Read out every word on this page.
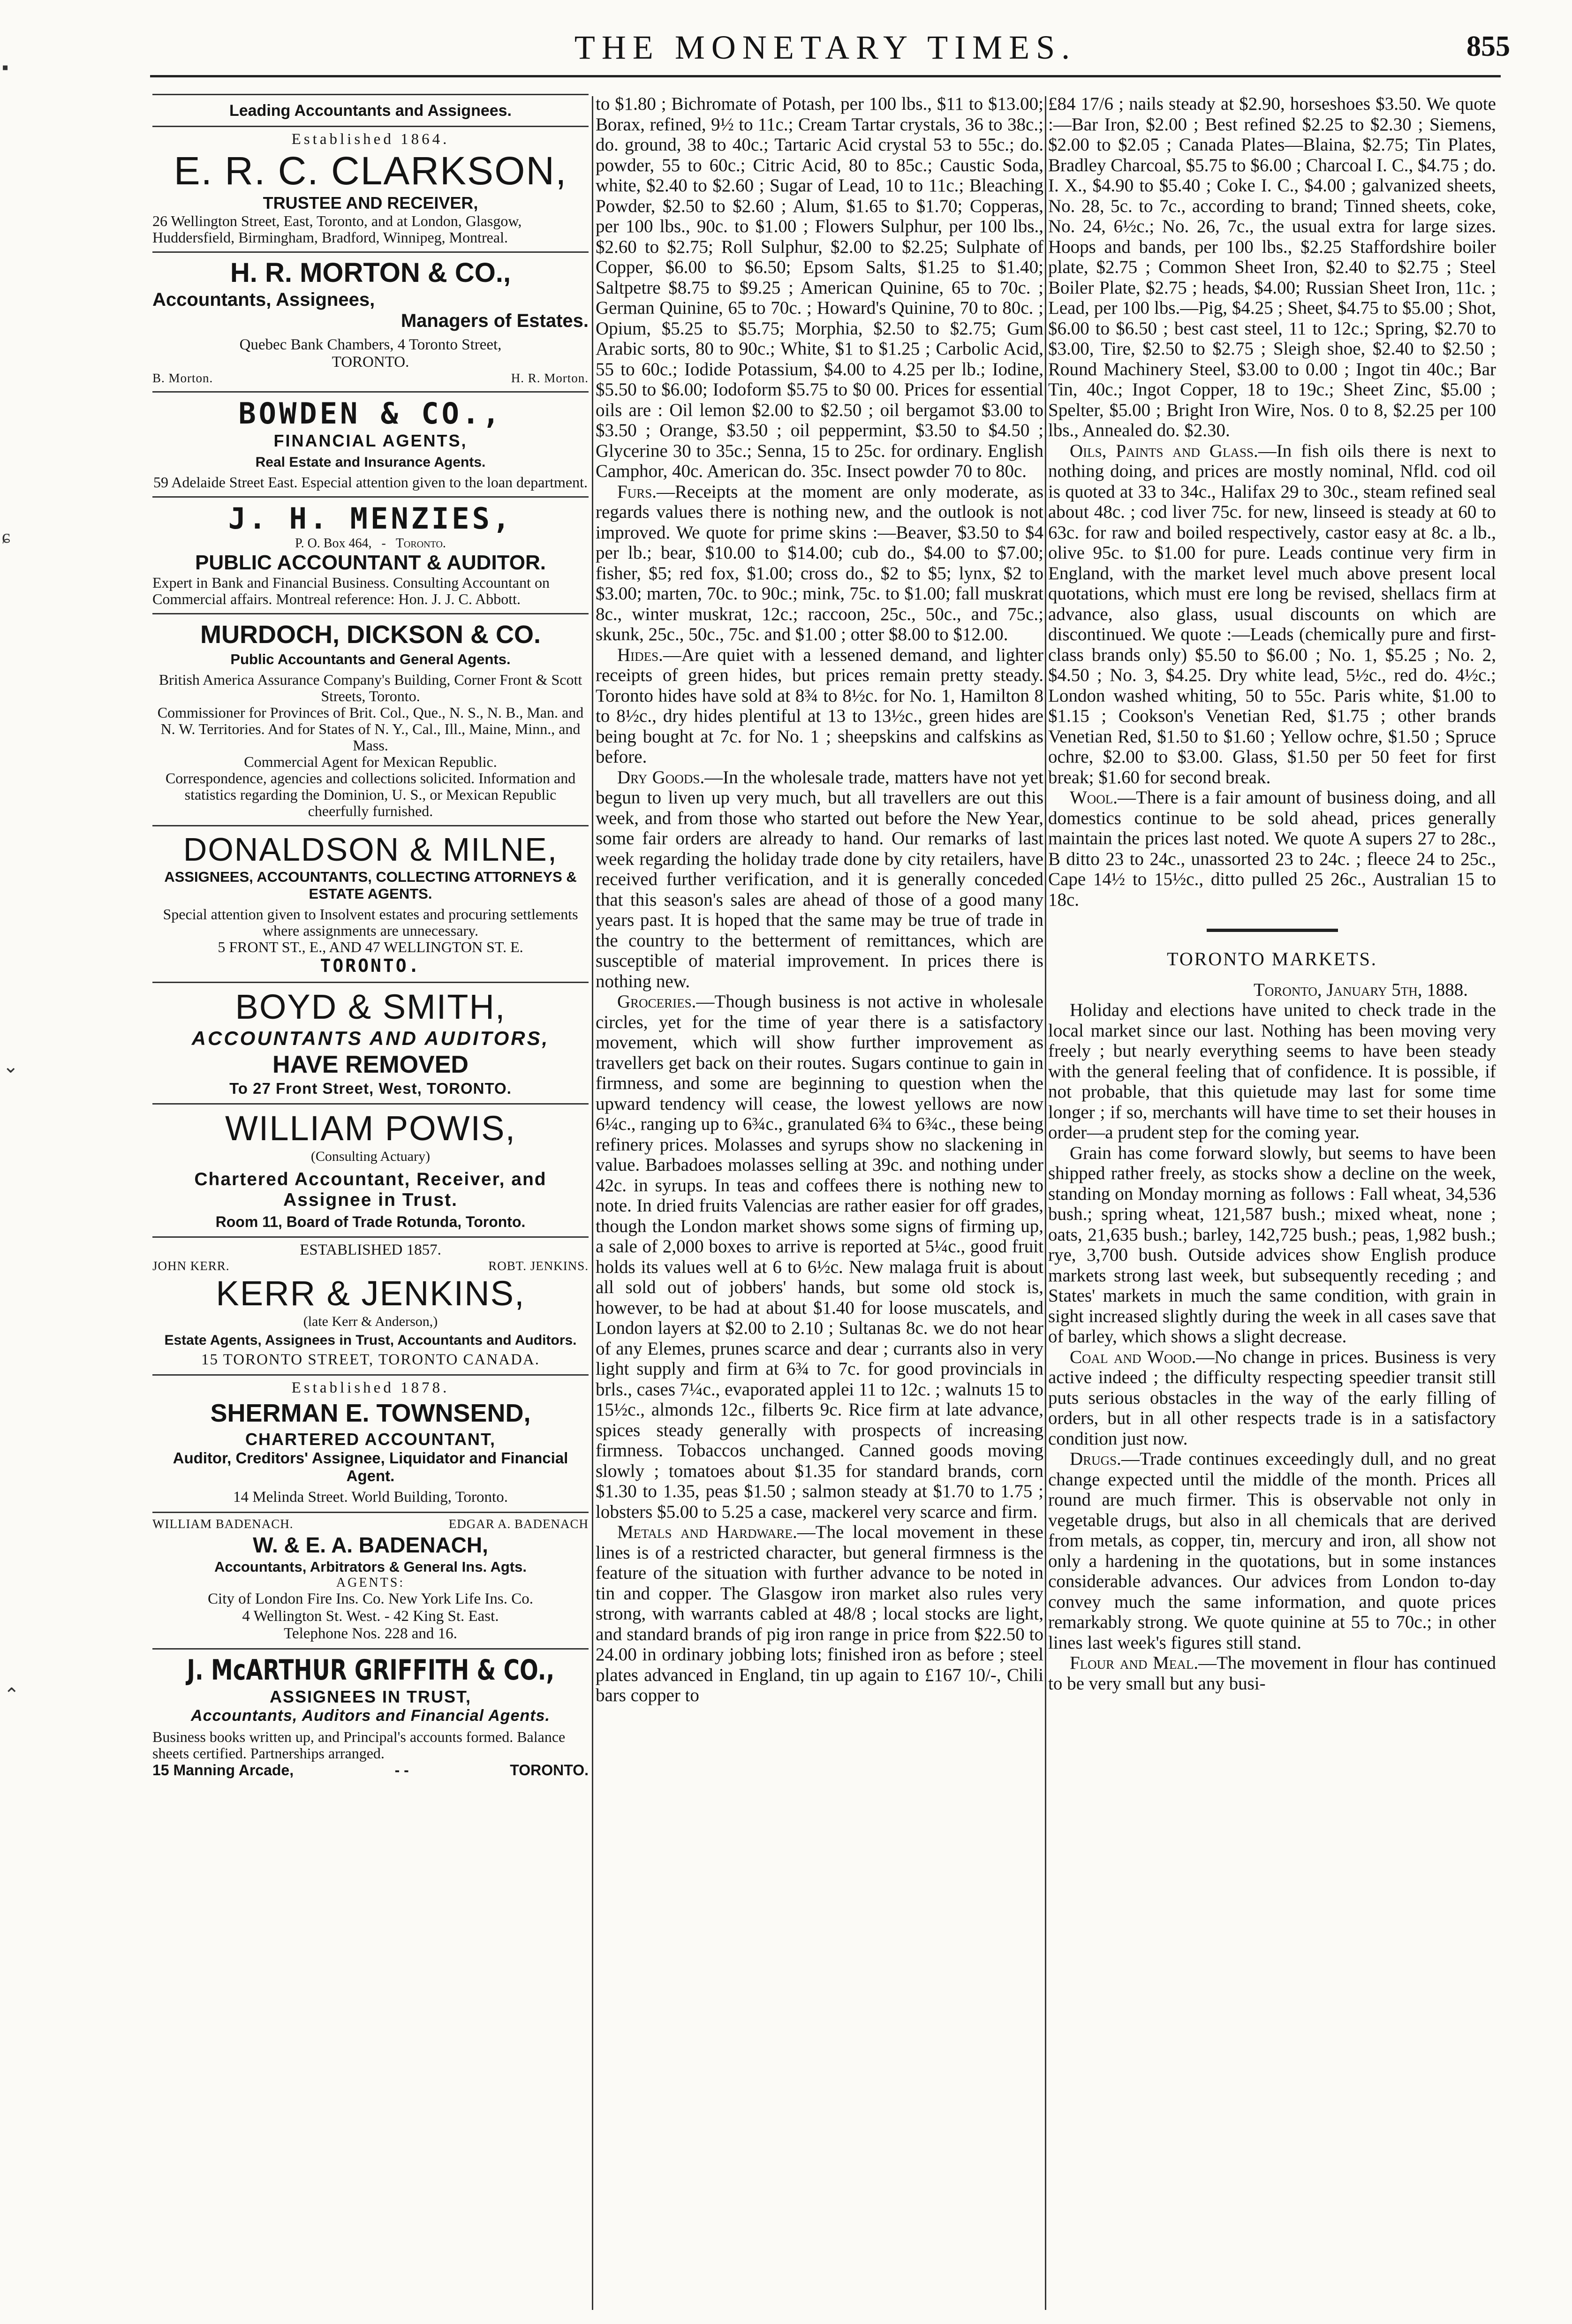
THE MONETARY TIMES.	855
▪
ɕ
⌄
⌃
Leading Accountants and Assignees.
Established 1864.
E. R. C. CLARKSON,
TRUSTEE AND RECEIVER,
26 Wellington Street, East, Toronto, and at London, Glasgow, Huddersfield, Birmingham, Bradford, Winnipeg, Montreal.
H. R. MORTON & CO.,
Accountants, Assignees,
Managers of Estates.
Quebec Bank Chambers, 4 Toronto Street,
TORONTO.
B. Morton.	H. R. Morton.
BOWDEN & CO.,
FINANCIAL AGENTS,
Real Estate and Insurance Agents.
59 Adelaide Street East. Especial attention given to the loan department.
J. H. MENZIES,
P. O. Box 464, - Toronto.
PUBLIC ACCOUNTANT & AUDITOR.
Expert in Bank and Financial Business. Consulting Accountant on Commercial affairs. Montreal reference: Hon. J. J. C. Abbott.
MURDOCH, DICKSON & CO.
Public Accountants and General Agents.
British America Assurance Company's Building, Corner Front & Scott Streets, Toronto.
Commissioner for Provinces of Brit. Col., Que., N. S., N. B., Man. and N. W. Territories. And for States of N. Y., Cal., Ill., Maine, Minn., and Mass.
Commercial Agent for Mexican Republic.
Correspondence, agencies and collections solicited. Information and statistics regarding the Dominion, U. S., or Mexican Republic cheerfully furnished.
DONALDSON & MILNE,
ASSIGNEES, ACCOUNTANTS, COLLECTING ATTORNEYS & ESTATE AGENTS.
Special attention given to Insolvent estates and procuring settlements where assignments are unnecessary.
5 FRONT ST., E., AND 47 WELLINGTON ST. E.
TORONTO.
BOYD & SMITH,
ACCOUNTANTS AND AUDITORS,
HAVE REMOVED
To 27 Front Street, West, TORONTO.
WILLIAM POWIS,
(Consulting Actuary)
Chartered Accountant, Receiver, and Assignee in Trust.
Room 11, Board of Trade Rotunda, Toronto.
ESTABLISHED 1857.
JOHN KERR.	ROBT. JENKINS.
KERR & JENKINS,
(late Kerr & Anderson,)
Estate Agents, Assignees in Trust, Accountants and Auditors.
15 TORONTO STREET, TORONTO CANADA.
Established 1878.
SHERMAN E. TOWNSEND,
CHARTERED ACCOUNTANT,
Auditor, Creditors' Assignee, Liquidator and Financial Agent.
14 Melinda Street. World Building, Toronto.
WILLIAM BADENACH.	EDGAR A. BADENACH
W. & E. A. BADENACH,
Accountants, Arbitrators & General Ins. Agts.
AGENTS:
City of London Fire Ins. Co. New York Life Ins. Co.
4 Wellington St. West. - 42 King St. East.
Telephone Nos. 228 and 16.
J. McARTHUR GRIFFITH & CO.,
ASSIGNEES IN TRUST,
Accountants, Auditors and Financial Agents.
Business books written up, and Principal's accounts formed. Balance sheets certified. Partnerships arranged.
15 Manning Arcade,	- -	TORONTO.

to $1.80 ; Bichromate of Potash, per 100 lbs., $11 to $13.00; Borax, refined, 9½ to 11c.; Cream Tartar crystals, 36 to 38c.; do. ground, 38 to 40c.; Tartaric Acid crystal 53 to 55c.; do. powder, 55 to 60c.; Citric Acid, 80 to 85c.; Caustic Soda, white, $2.40 to $2.60 ; Sugar of Lead, 10 to 11c.; Bleaching Powder, $2.50 to $2.60 ; Alum, $1.65 to $1.70; Copperas, per 100 lbs., 90c. to $1.00 ; Flowers Sulphur, per 100 lbs., $2.60 to $2.75; Roll Sulphur, $2.00 to $2.25; Sulphate of Copper, $6.00 to $6.50; Epsom Salts, $1.25 to $1.40; Saltpetre $8.75 to $9.25 ; American Quinine, 65 to 70c. ; German Quinine, 65 to 70c. ; Howard's Quinine, 70 to 80c. ; Opium, $5.25 to $5.75; Morphia, $2.50 to $2.75; Gum Arabic sorts, 80 to 90c.; White, $1 to $1.25 ; Carbolic Acid, 55 to 60c.; Iodide Potassium, $4.00 to 4.25 per lb.; Iodine, $5.50 to $6.00; Iodoform $5.75 to $0 00. Prices for essential oils are : Oil lemon $2.00 to $2.50 ; oil bergamot $3.00 to $3.50 ; Orange, $3.50 ; oil peppermint, $3.50 to $4.50 ; Glycerine 30 to 35c.; Senna, 15 to 25c. for ordinary. English Camphor, 40c. American do. 35c. Insect powder 70 to 80c.

Furs.—Receipts at the moment are only moderate, as regards values there is nothing new, and the outlook is not improved. We quote for prime skins :—Beaver, $3.50 to $4 per lb.; bear, $10.00 to $14.00; cub do., $4.00 to $7.00; fisher, $5; red fox, $1.00; cross do., $2 to $5; lynx, $2 to $3.00; marten, 70c. to 90c.; mink, 75c. to $1.00; fall muskrat 8c., winter muskrat, 12c.; raccoon, 25c., 50c., and 75c.; skunk, 25c., 50c., 75c. and $1.00 ; otter $8.00 to $12.00.

Hides.—Are quiet with a lessened demand, and lighter receipts of green hides, but prices remain pretty steady. Toronto hides have sold at 8¾ to 8½c. for No. 1, Hamilton 8 to 8½c., dry hides plentiful at 13 to 13½c., green hides are being bought at 7c. for No. 1 ; sheepskins and calfskins as before.

Dry Goods.—In the wholesale trade, matters have not yet begun to liven up very much, but all travellers are out this week, and from those who started out before the New Year, some fair orders are already to hand. Our remarks of last week regarding the holiday trade done by city retailers, have received further verification, and it is generally conceded that this season's sales are ahead of those of a good many years past. It is hoped that the same may be true of trade in the country to the betterment of remittances, which are susceptible of material improvement. In prices there is nothing new.

Groceries.—Though business is not active in wholesale circles, yet for the time of year there is a satisfactory movement, which will show further improvement as travellers get back on their routes. Sugars continue to gain in firmness, and some are beginning to question when the upward tendency will cease, the lowest yellows are now 6¼c., ranging up to 6¾c., granulated 6¾ to 6¾c., these being refinery prices. Molasses and syrups show no slackening in value. Barbadoes molasses selling at 39c. and nothing under 42c. in syrups. In teas and coffees there is nothing new to note. In dried fruits Valencias are rather easier for off grades, though the London market shows some signs of firming up, a sale of 2,000 boxes to arrive is reported at 5¼c., good fruit holds its values well at 6 to 6½c. New malaga fruit is about all sold out of jobbers' hands, but some old stock is, however, to be had at about $1.40 for loose muscatels, and London layers at $2.00 to 2.10 ; Sultanas 8c. we do not hear of any Elemes, prunes scarce and dear ; currants also in very light supply and firm at 6¾ to 7c. for good provincials in brls., cases 7¼c., evaporated applei 11 to 12c. ; walnuts 15 to 15½c., almonds 12c., filberts 9c. Rice firm at late advance, spices steady generally with prospects of increasing firmness. Tobaccos unchanged. Canned goods moving slowly ; tomatoes about $1.35 for standard brands, corn $1.30 to 1.35, peas $1.50 ; salmon steady at $1.70 to 1.75 ; lobsters $5.00 to 5.25 a case, mackerel very scarce and firm.

Metals and Hardware.—The local movement in these lines is of a restricted character, but general firmness is the feature of the situation with further advance to be noted in tin and copper. The Glasgow iron market also rules very strong, with warrants cabled at 48/8 ; local stocks are light, and standard brands of pig iron range in price from $22.50 to 24.00 in ordinary jobbing lots; finished iron as before ; steel plates advanced in England, tin up again to £167 10/-, Chili bars copper to

£84 17/6 ; nails steady at $2.90, horseshoes $3.50. We quote :—Bar Iron, $2.00 ; Best refined $2.25 to $2.30 ; Siemens, $2.00 to $2.05 ; Canada Plates—Blaina, $2.75; Tin Plates, Bradley Charcoal, $5.75 to $6.00 ; Charcoal I. C., $4.75 ; do. I. X., $4.90 to $5.40 ; Coke I. C., $4.00 ; galvanized sheets, No. 28, 5c. to 7c., according to brand; Tinned sheets, coke, No. 24, 6½c.; No. 26, 7c., the usual extra for large sizes. Hoops and bands, per 100 lbs., $2.25 Staffordshire boiler plate, $2.75 ; Common Sheet Iron, $2.40 to $2.75 ; Steel Boiler Plate, $2.75 ; heads, $4.00; Russian Sheet Iron, 11c. ; Lead, per 100 lbs.—Pig, $4.25 ; Sheet, $4.75 to $5.00 ; Shot, $6.00 to $6.50 ; best cast steel, 11 to 12c.; Spring, $2.70 to $3.00, Tire, $2.50 to $2.75 ; Sleigh shoe, $2.40 to $2.50 ; Round Machinery Steel, $3.00 to 0.00 ; Ingot tin 40c.; Bar Tin, 40c.; Ingot Copper, 18 to 19c.; Sheet Zinc, $5.00 ; Spelter, $5.00 ; Bright Iron Wire, Nos. 0 to 8, $2.25 per 100 lbs., Annealed do. $2.30.

Oils, Paints and Glass.—In fish oils there is next to nothing doing, and prices are mostly nominal, Nfld. cod oil is quoted at 33 to 34c., Halifax 29 to 30c., steam refined seal about 48c. ; cod liver 75c. for new, linseed is steady at 60 to 63c. for raw and boiled respectively, castor easy at 8c. a lb., olive 95c. to $1.00 for pure. Leads continue very firm in England, with the market level much above present local quotations, which must ere long be revised, shellacs firm at advance, also glass, usual discounts on which are discontinued. We quote :—Leads (chemically pure and first-class brands only) $5.50 to $6.00 ; No. 1, $5.25 ; No. 2, $4.50 ; No. 3, $4.25. Dry white lead, 5½c., red do. 4½c.; London washed whiting, 50 to 55c. Paris white, $1.00 to $1.15 ; Cookson's Venetian Red, $1.75 ; other brands Venetian Red, $1.50 to $1.60 ; Yellow ochre, $1.50 ; Spruce ochre, $2.00 to $3.00. Glass, $1.50 per 50 feet for first break; $1.60 for second break.

Wool.—There is a fair amount of business doing, and all domestics continue to be sold ahead, prices generally maintain the prices last noted. We quote A supers 27 to 28c., B ditto 23 to 24c., unassorted 23 to 24c. ; fleece 24 to 25c., Cape 14½ to 15½c., ditto pulled 25 26c., Australian 15 to 18c.

TORONTO MARKETS.
Toronto, January 5th, 1888.

Holiday and elections have united to check trade in the local market since our last. Nothing has been moving very freely ; but nearly everything seems to have been steady with the general feeling that of confidence. It is possible, if not probable, that this quietude may last for some time longer ; if so, merchants will have time to set their houses in order—a prudent step for the coming year.

Grain has come forward slowly, but seems to have been shipped rather freely, as stocks show a decline on the week, standing on Monday morning as follows : Fall wheat, 34,536 bush.; spring wheat, 121,587 bush.; mixed wheat, none ; oats, 21,635 bush.; barley, 142,725 bush.; peas, 1,982 bush.; rye, 3,700 bush. Outside advices show English produce markets strong last week, but subsequently receding ; and States' markets in much the same condition, with grain in sight increased slightly during the week in all cases save that of barley, which shows a slight decrease.

Coal and Wood.—No change in prices. Business is very active indeed ; the difficulty respecting speedier transit still puts serious obstacles in the way of the early filling of orders, but in all other respects trade is in a satisfactory condition just now.

Drugs.—Trade continues exceedingly dull, and no great change expected until the middle of the month. Prices all round are much firmer. This is observable not only in vegetable drugs, but also in all chemicals that are derived from metals, as copper, tin, mercury and iron, all show not only a hardening in the quotations, but in some instances considerable advances. Our advices from London to-day convey much the same information, and quote prices remarkably strong. We quote quinine at 55 to 70c.; in other lines last week's figures still stand.

Flour and Meal.—The movement in flour has continued to be very small but any busi-
